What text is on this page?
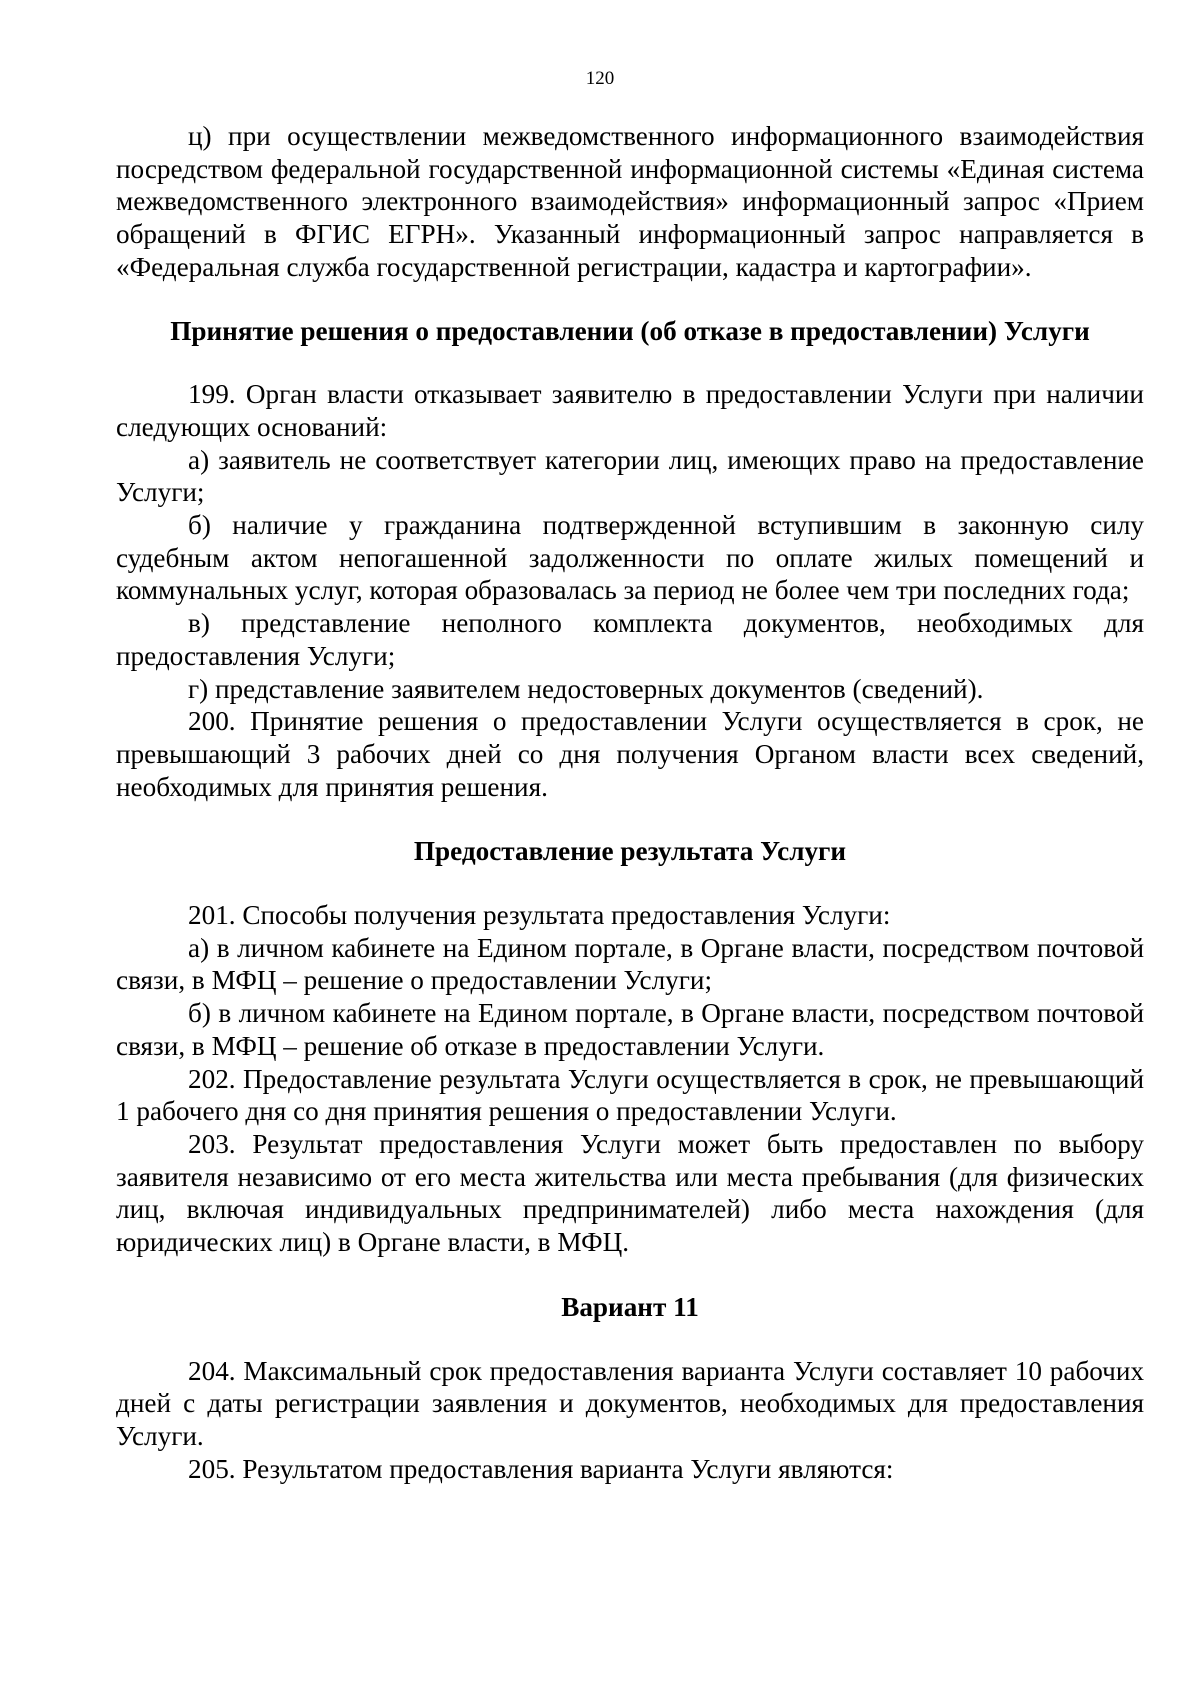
120

ц) при осуществлении межведомственного информационного взаимодействия посредством федеральной государственной информационной системы «Единая система межведомственного электронного взаимодействия» информационный запрос «Прием обращений в ФГИС ЕГРН». Указанный информационный запрос направляется в «Федеральная служба государственной регистрации, кадастра и картографии».

Принятие решения о предоставлении (об отказе в предоставлении) Услуги

199. Орган власти отказывает заявителю в предоставлении Услуги при наличии следующих оснований:

а) заявитель не соответствует категории лиц, имеющих право на предоставление Услуги;

б) наличие у гражданина подтвержденной вступившим в законную силу судебным актом непогашенной задолженности по оплате жилых помещений и коммунальных услуг, которая образовалась за период не более чем три последних года;

в) представление неполного комплекта документов, необходимых для предоставления Услуги;

г) представление заявителем недостоверных документов (сведений).

200. Принятие решения о предоставлении Услуги осуществляется в срок, не превышающий 3 рабочих дней со дня получения Органом власти всех сведений, необходимых для принятия решения.

Предоставление результата Услуги

201. Способы получения результата предоставления Услуги:

а) в личном кабинете на Едином портале, в Органе власти, посредством почтовой связи, в МФЦ – решение о предоставлении Услуги;

б) в личном кабинете на Едином портале, в Органе власти, посредством почтовой связи, в МФЦ – решение об отказе в предоставлении Услуги.

202. Предоставление результата Услуги осуществляется в срок, не превышающий 1 рабочего дня со дня принятия решения о предоставлении Услуги.

203. Результат предоставления Услуги может быть предоставлен по выбору заявителя независимо от его места жительства или места пребывания (для физических лиц, включая индивидуальных предпринимателей) либо места нахождения (для юридических лиц) в Органе власти, в МФЦ.

Вариант 11

204. Максимальный срок предоставления варианта Услуги составляет 10 рабочих дней с даты регистрации заявления и документов, необходимых для предоставления Услуги.

205. Результатом предоставления варианта Услуги являются:
